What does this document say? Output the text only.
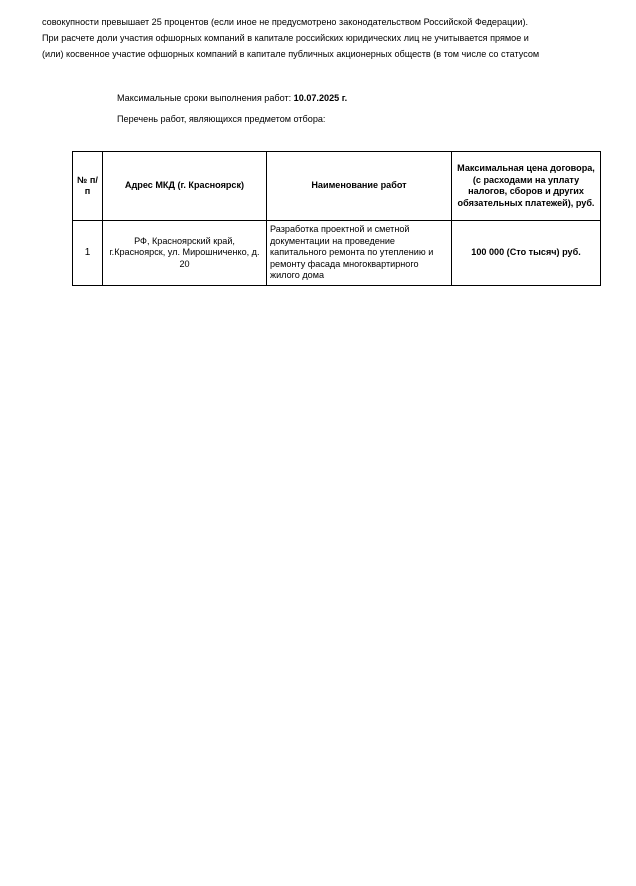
совокупности превышает 25 процентов (если иное не предусмотрено законодательством Российской Федерации).
При расчете доли участия офшорных компаний в капитале российских юридических лиц не учитывается прямое и
(или) косвенное участие офшорных компаний в капитале публичных акционерных обществ (в том числе со статусом

Максимальные сроки выполнения работ: 10.07.2025 г.

Перечень работ, являющихся предметом отбора:

№ п/п	Адрес МКД (г. Красноярск)	Наименование работ	Максимальная цена договора, (с расходами на уплату налогов, сборов и других обязательных платежей), руб.
1	РФ, Красноярский край, г.Красноярск, ул. Мирошниченко, д. 20	Разработка проектной и сметной документации на проведение капитального ремонта по утеплению и ремонту фасада многоквартирного жилого дома	100 000 (Сто тысяч) руб.
